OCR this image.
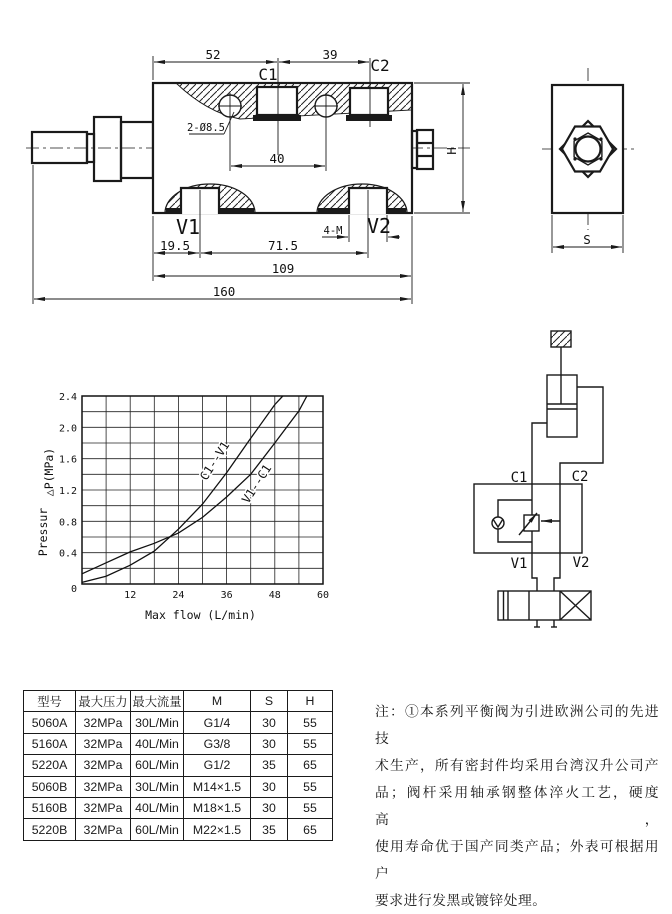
52	39
C1	C2
2-Ø8.5
40	H
V1	V2
4-M
19.5	71.5
109
160
S
C1	C2
V1	V2
12	24	36	48	60
0
0.4
0.8
1.2
1.6
2.0
2.4
Max flow (L/min)
Pressur
△P(MPa)	C1--V1
V1--C1
型号	最大压力	最大流量	M	S	H
5060A	32MPa	30L/Min	G1/4	30	55
5160A	32MPa	40L/Min	G3/8	30	55
5220A	32MPa	60L/Min	G1/2	35	65
5060B	32MPa	30L/Min	M14×1.5	30	55
5160B	32MPa	40L/Min	M18×1.5	30	55
5220B	32MPa	60L/Min	M22×1.5	35	65
注：①本系列平衡阀为引进欧洲公司的先进技
术生产，所有密封件均采用台湾汉升公司产
品；阀杆采用轴承钢整体淬火工艺，硬度高，
使用寿命优于国产同类产品；外表可根据用户
要求进行发黑或镀锌处理。
